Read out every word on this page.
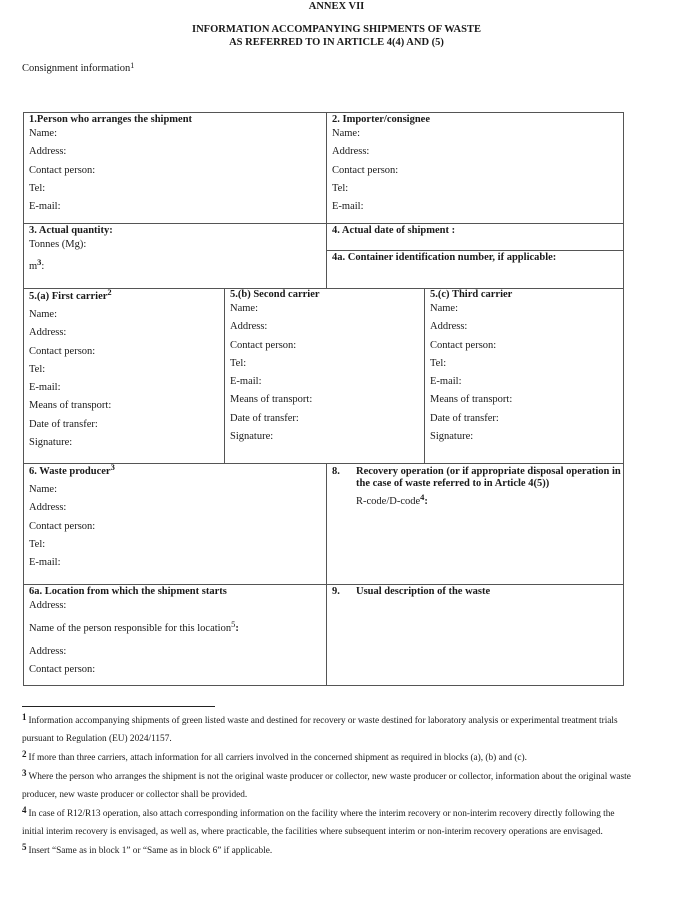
ANNEX VII
INFORMATION ACCOMPANYING SHIPMENTS OF WASTE
AS REFERRED TO IN ARTICLE 4(4) AND (5)
Consignment information$^1$
1.Person who arranges the shipment
Name:
Address:
Contact person:
Tel:
E-mail:
2. Importer/consignee
Name:
Address:
Contact person:
Tel:
E-mail:
3. Actual quantity:
Tonnes (Mg):
m$^3$:
4. Actual date of shipment :
4a. Container identification number, if applicable:
5.(a) First carrier$^2$
Name:
Address:
Contact person:
Tel:
E-mail:
Means of transport:
Date of transfer:
Signature:
5.(b) Second carrier
Name:
Address:
Contact person:
Tel:
E-mail:
Means of transport:
Date of transfer:
Signature:
5.(c) Third carrier
Name:
Address:
Contact person:
Tel:
E-mail:
Means of transport:
Date of transfer:
Signature:
6. Waste producer$^3$
Name:
Address:
Contact person:
Tel:
E-mail:
6a. Location from which the shipment starts
Address:
Name of the person responsible for this location$^5$:
Address:
Contact person:
8.	Recovery operation (or if appropriate disposal operation in the case of waste referred to in Article 4(5))
R-code/D-code$^4$:
9.	Usual description of the waste

$^1$ Information accompanying shipments of green listed waste and destined for recovery or waste destined for laboratory analysis or experimental treatment trials pursuant to Regulation (EU) 2024/1157.

$^2$ If more than three carriers, attach information for all carriers involved in the concerned shipment as required in blocks (a), (b) and (c).

$^3$ Where the person who arranges the shipment is not the original waste producer or collector, new waste producer or collector, information about the original waste producer, new waste producer or collector shall be provided.

$^4$ In case of R12/R13 operation, also attach corresponding information on the facility where the interim recovery or non-interim recovery directly following the initial interim recovery is envisaged, as well as, where practicable, the facilities where subsequent interim or non-interim recovery operations are envisaged.

$^5$ Insert “Same as in block 1” or “Same as in block 6” if applicable.
